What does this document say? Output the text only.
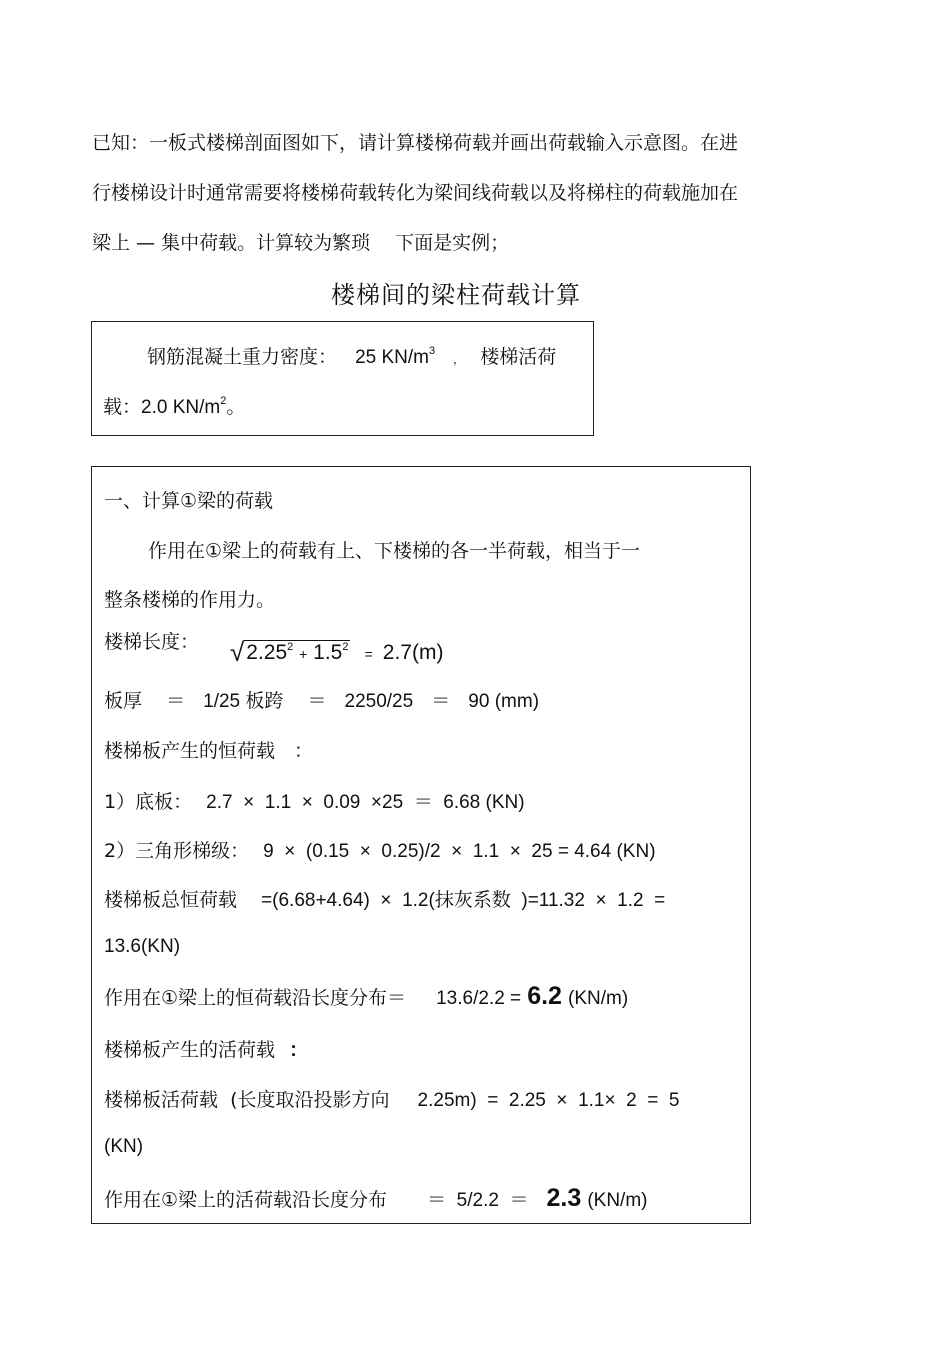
已知：一板式楼梯剖面图如下，请计算楼梯荷载并画出荷载输入示意图。在进
行楼梯设计时通常需要将楼梯荷载转化为梁间线荷载以及将梯柱的荷载施加在
梁上 — 集中荷载。计算较为繁琐　 下面是实例；
楼梯间的梁柱荷载计算
钢筋混凝土重力密度： 25 $KN/m^3$ ， 楼梯活荷
载：2.0 $KN/m^2$。
一、计算①梁的荷载
作用在①梁上的荷载有上、下楼梯的各一半荷载，相当于一
整条楼梯的作用力。
楼梯长度： $√2.25^2 + 1.5^2 = 2.7(m)$
板厚 ＝ 1/25 板跨 ＝ 2250/25 ＝ 90 (mm)
楼梯板产生的恒荷载　：
1）底板： 2.7  ×  1.1  ×  0.09  ×25  ＝  6.68 (KN)
2）三角形梯级： 9  ×  (0.15  ×  0.25)/2  ×  1.1  ×  25 = 4.64 (KN)
楼梯板总恒荷载 =(6.68+4.64)  ×  1.2(抹灰系数  )=11.32  ×  1.2  =
13.6(KN)
作用在①梁上的恒荷载沿长度分布＝ 13.6/2.2 = 6.2 (KN/m)
楼梯板产生的活荷载 ：
楼梯板活荷载  (长度取沿投影方向 2.25m)  =  2.25  ×  1.1×  2  =  5
(KN)
作用在①梁上的活荷载沿长度分布 ＝  5/2.2  ＝ 2.3 (KN/m)
